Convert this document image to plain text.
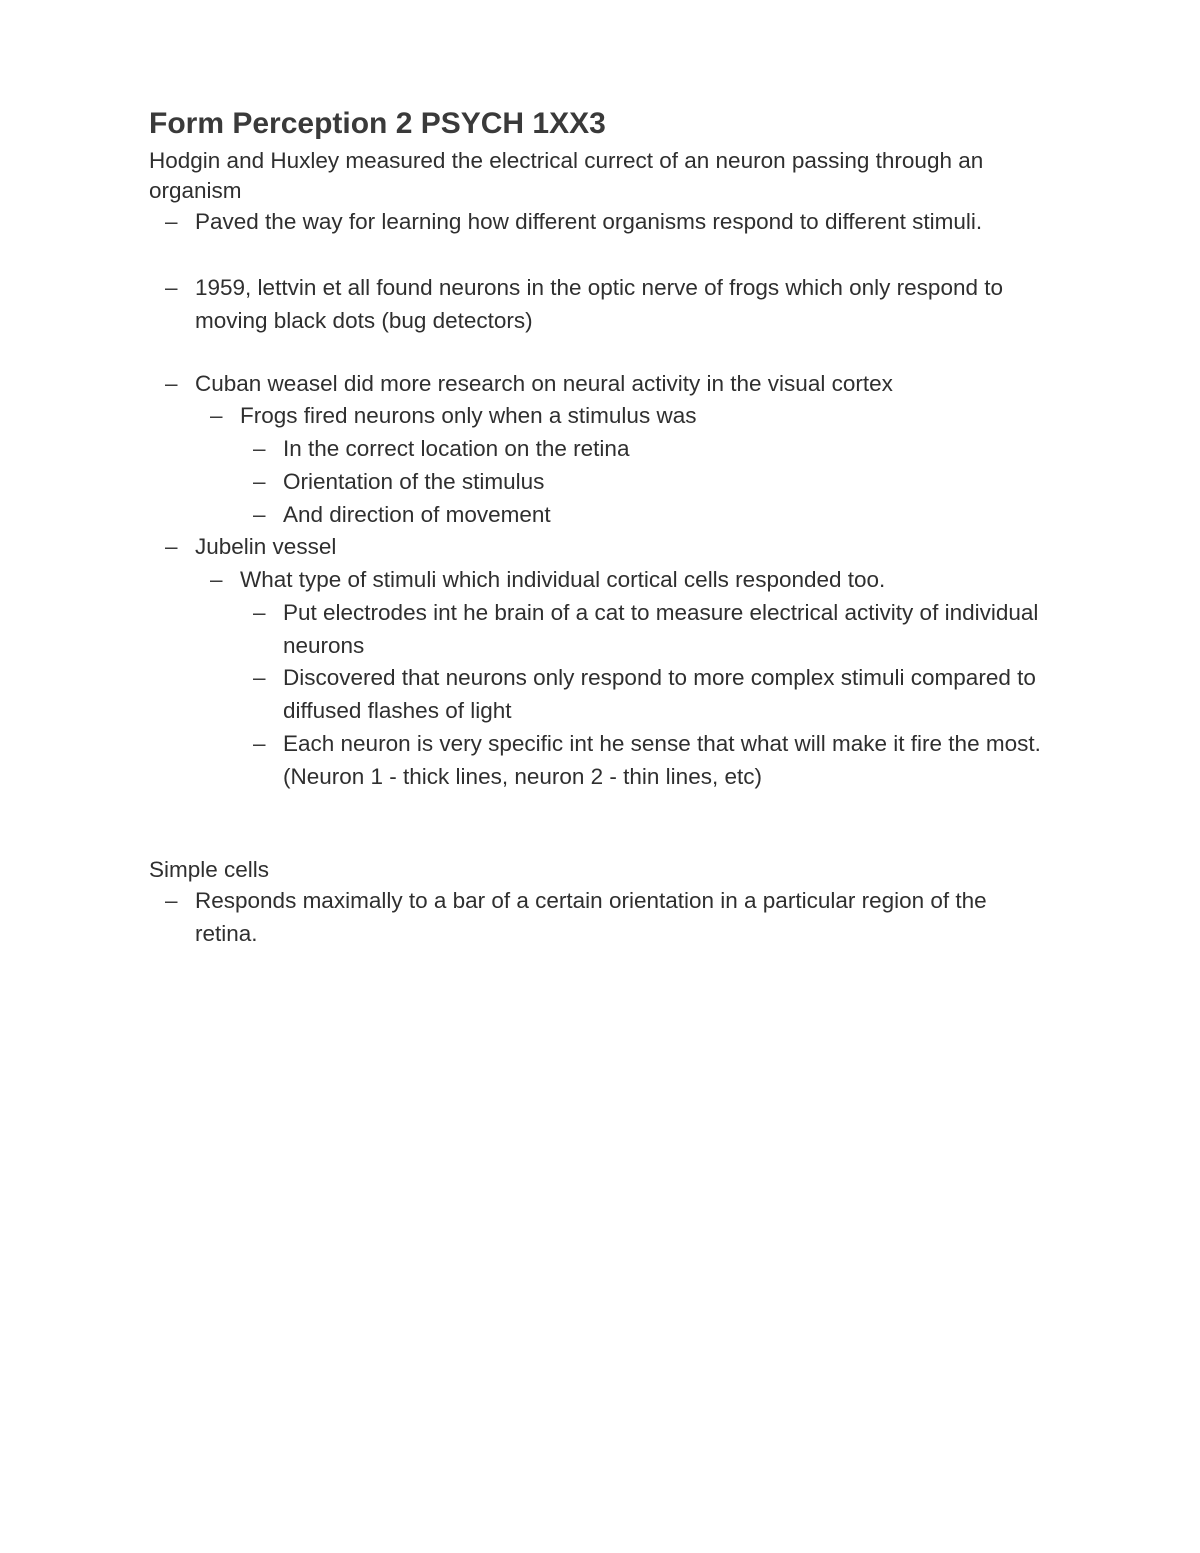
Form Perception 2 PSYCH 1XX3
Hodgin and Huxley measured the electrical currect of an neuron passing through an organism
– Paved the way for learning how different organisms respond to different stimuli.
– 1959, lettvin et all found neurons in the optic nerve of frogs which only respond to moving black dots (bug detectors)
– Cuban weasel did more research on neural activity in the visual cortex
– Frogs fired neurons only when a stimulus was
– In the correct location on the retina
– Orientation of the stimulus
– And direction of movement
– Jubelin vessel
– What type of stimuli which individual cortical cells responded too.
– Put electrodes int he brain of a cat to measure electrical activity of individual neurons
– Discovered that neurons only respond to more complex stimuli compared to diffused flashes of light
– Each neuron is very specific int he sense that what will make it fire the most. (Neuron 1 - thick lines, neuron 2 - thin lines, etc)
Simple cells
– Responds maximally to a bar of a certain orientation in a particular region of the retina.
